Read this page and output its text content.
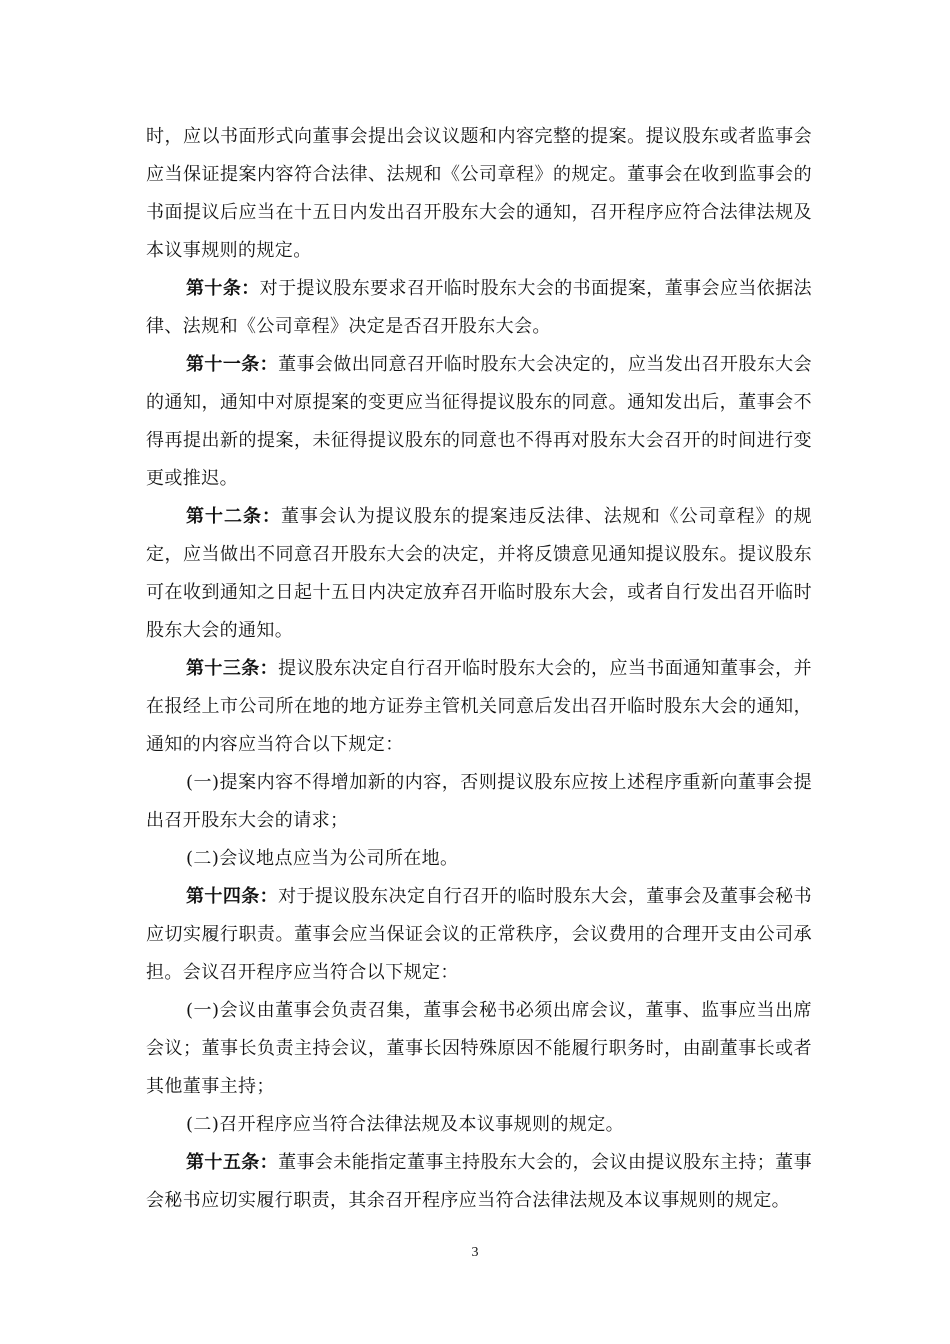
时，应以书面形式向董事会提出会议议题和内容完整的提案。提议股东或者监事会应当保证提案内容符合法律、法规和《公司章程》的规定。董事会在收到监事会的书面提议后应当在十五日内发出召开股东大会的通知，召开程序应符合法律法规及本议事规则的规定。

第十条：对于提议股东要求召开临时股东大会的书面提案，董事会应当依据法律、法规和《公司章程》决定是否召开股东大会。

第十一条：董事会做出同意召开临时股东大会决定的，应当发出召开股东大会的通知，通知中对原提案的变更应当征得提议股东的同意。通知发出后，董事会不得再提出新的提案，未征得提议股东的同意也不得再对股东大会召开的时间进行变更或推迟。

第十二条：董事会认为提议股东的提案违反法律、法规和《公司章程》的规定，应当做出不同意召开股东大会的决定，并将反馈意见通知提议股东。提议股东可在收到通知之日起十五日内决定放弃召开临时股东大会，或者自行发出召开临时股东大会的通知。

第十三条：提议股东决定自行召开临时股东大会的，应当书面通知董事会，并在报经上市公司所在地的地方证券主管机关同意后发出召开临时股东大会的通知，通知的内容应当符合以下规定：

(一)提案内容不得增加新的内容，否则提议股东应按上述程序重新向董事会提出召开股东大会的请求；

(二)会议地点应当为公司所在地。

第十四条：对于提议股东决定自行召开的临时股东大会，董事会及董事会秘书应切实履行职责。董事会应当保证会议的正常秩序，会议费用的合理开支由公司承担。会议召开程序应当符合以下规定：

(一)会议由董事会负责召集，董事会秘书必须出席会议，董事、监事应当出席会议；董事长负责主持会议，董事长因特殊原因不能履行职务时，由副董事长或者其他董事主持；

(二)召开程序应当符合法律法规及本议事规则的规定。

第十五条：董事会未能指定董事主持股东大会的，会议由提议股东主持；董事会秘书应切实履行职责，其余召开程序应当符合法律法规及本议事规则的规定。

3
